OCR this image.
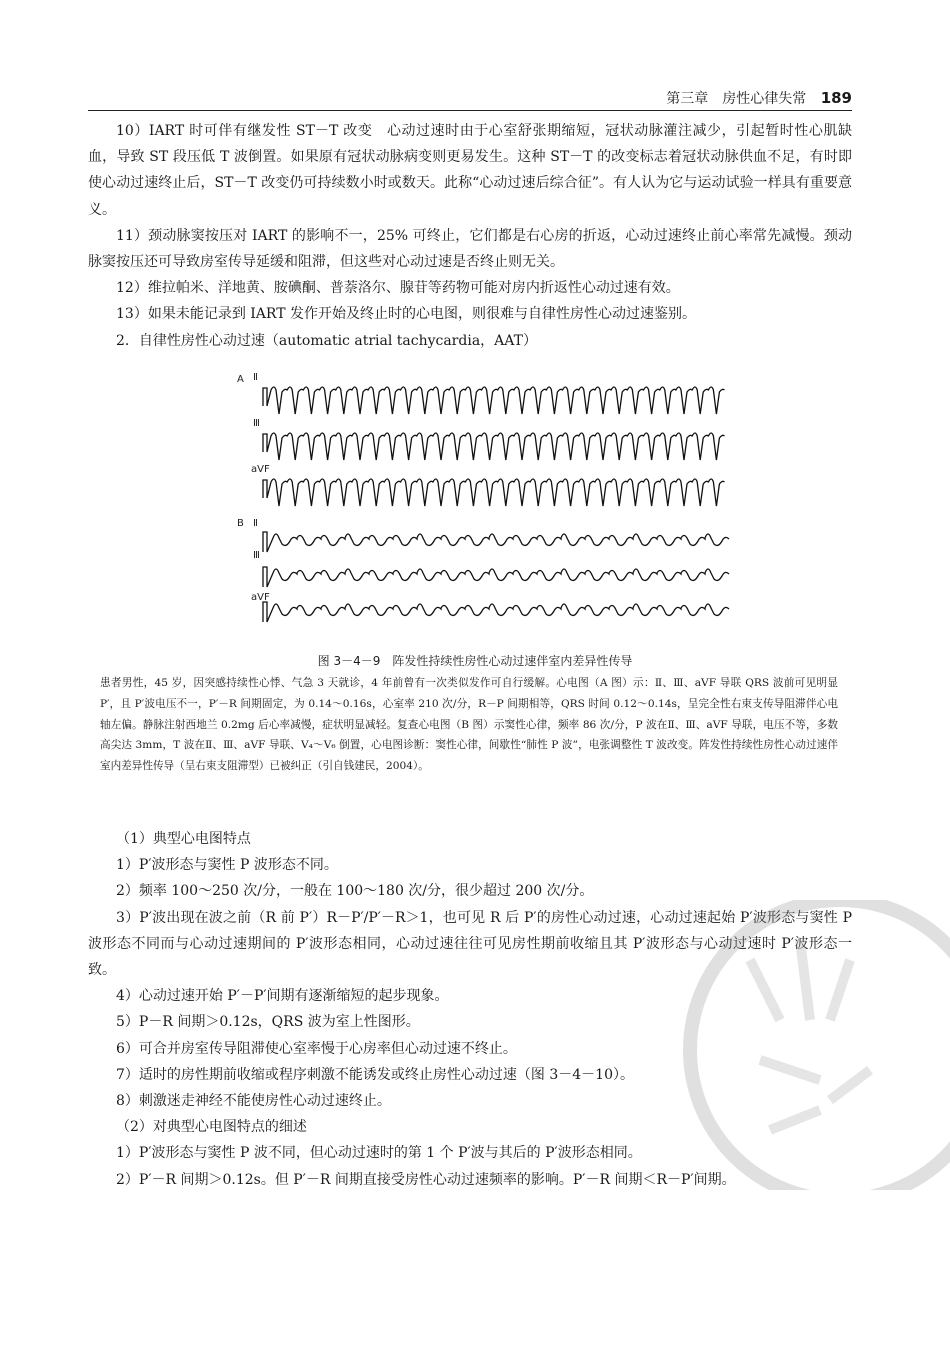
第三章　房性心律失常 189

10）IART 时可伴有继发性 ST－T 改变　心动过速时由于心室舒张期缩短，冠状动脉灌注减少，引起暂时性心肌缺血，导致 ST 段压低 T 波倒置。如果原有冠状动脉病变则更易发生。这种 ST－T 的改变标志着冠状动脉供血不足，有时即使心动过速终止后，ST－T 改变仍可持续数小时或数天。此称“心动过速后综合征”。有人认为它与运动试验一样具有重要意义。

11）颈动脉窦按压对 IART 的影响不一，25% 可终止，它们都是右心房的折返，心动过速终止前心率常先减慢。颈动脉窦按压还可导致房室传导延缓和阻滞，但这些对心动过速是否终止则无关。

12）维拉帕米、洋地黄、胺碘酮、普萘洛尔、腺苷等药物可能对房内折返性心动过速有效。

13）如果未能记录到 IART 发作开始及终止时的心电图，则很难与自律性房性心动过速鉴别。

2．自律性房性心动过速（automatic atrial tachycardia，AAT）

A Ⅱ
Ⅲ
aVF
B Ⅱ
Ⅲ
aVF
图 3－4－9　阵发性持续性房性心动过速伴室内差异性传导
患者男性，45 岁，因突感持续性心悸、气急 3 天就诊，4 年前曾有一次类似发作可自行缓解。心电图（A 图）示：Ⅱ、Ⅲ、aVF 导联 QRS 波前可见明显 P′，且 P′波电压不一，P′－R 间期固定，为 0.14～0.16s，心室率 210 次/分，R－P 间期相等，QRS 时间 0.12～0.14s，呈完全性右束支传导阻滞伴心电轴左偏。静脉注射西地兰 0.2mg 后心率减慢，症状明显减轻。复查心电图（B 图）示窦性心律，频率 86 次/分，P 波在Ⅱ、Ⅲ、aVF 导联，电压不等，多数高尖达 3mm，T 波在Ⅱ、Ⅲ、aVF 导联、V₄～V₆ 倒置，心电图诊断：窦性心律，间歇性“肺性 P 波”，电张调整性 T 波改变。阵发性持续性房性心动过速伴室内差异性传导（呈右束支阻滞型）已被纠正（引自钱建民，2004）。

（1）典型心电图特点

1）P′波形态与窦性 P 波形态不同。

2）频率 100～250 次/分，一般在 100～180 次/分，很少超过 200 次/分。

3）P′波出现在波之前（R 前 P′）R－P′/P′－R＞1，也可见 R 后 P′的房性心动过速，心动过速起始 P′波形态与窦性 P 波形态不同而与心动过速期间的 P′波形态相同，心动过速往往可见房性期前收缩且其 P′波形态与心动过速时 P′波形态一致。

4）心动过速开始 P′－P′间期有逐渐缩短的起步现象。

5）P－R 间期＞0.12s，QRS 波为室上性图形。

6）可合并房室传导阻滞使心室率慢于心房率但心动过速不终止。

7）适时的房性期前收缩或程序刺激不能诱发或终止房性心动过速（图 3－4－10）。

8）刺激迷走神经不能使房性心动过速终止。

（2）对典型心电图特点的细述

1）P′波形态与窦性 P 波不同，但心动过速时的第 1 个 P′波与其后的 P′波形态相同。

2）P′－R 间期＞0.12s。但 P′－R 间期直接受房性心动过速频率的影响。P′－R 间期＜R－P′间期。
